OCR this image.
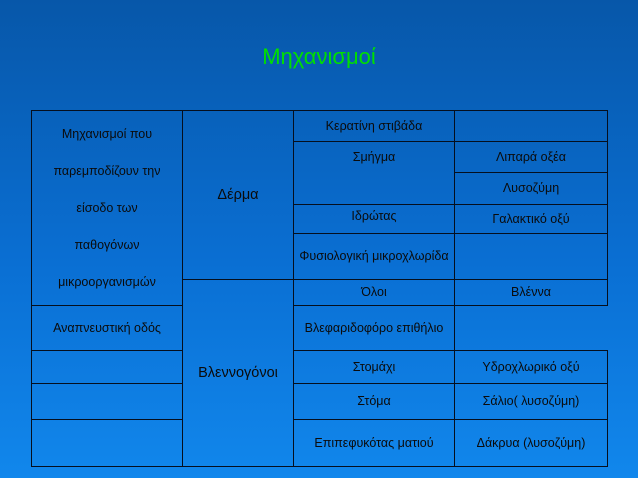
Μηχανισμοί
Μηχανισμοί που
παρεμποδίζουν την
είσοδο των
παθογόνων
μικροοργανισμών	Δέρμα	Κερατίνη στιβάδα	
		Σμήγμα	Λιπαρά οξέα
			Λυσοζύμη
		Ιδρώτας	Γαλακτικό οξύ
		Φυσιολογική μικροχλωρίδα	
	Βλεννογόνοι	Όλοι	Βλέννα
Αναπνευστική οδός		Βλεφαριδοφόρο επιθήλιο	
		Στομάχι	Υδροχλωρικό οξύ
		Στόμα	Σάλιο( λυσοζύμη)
		Επιπεφυκότας ματιού	Δάκρυα (λυσοζύμη)
